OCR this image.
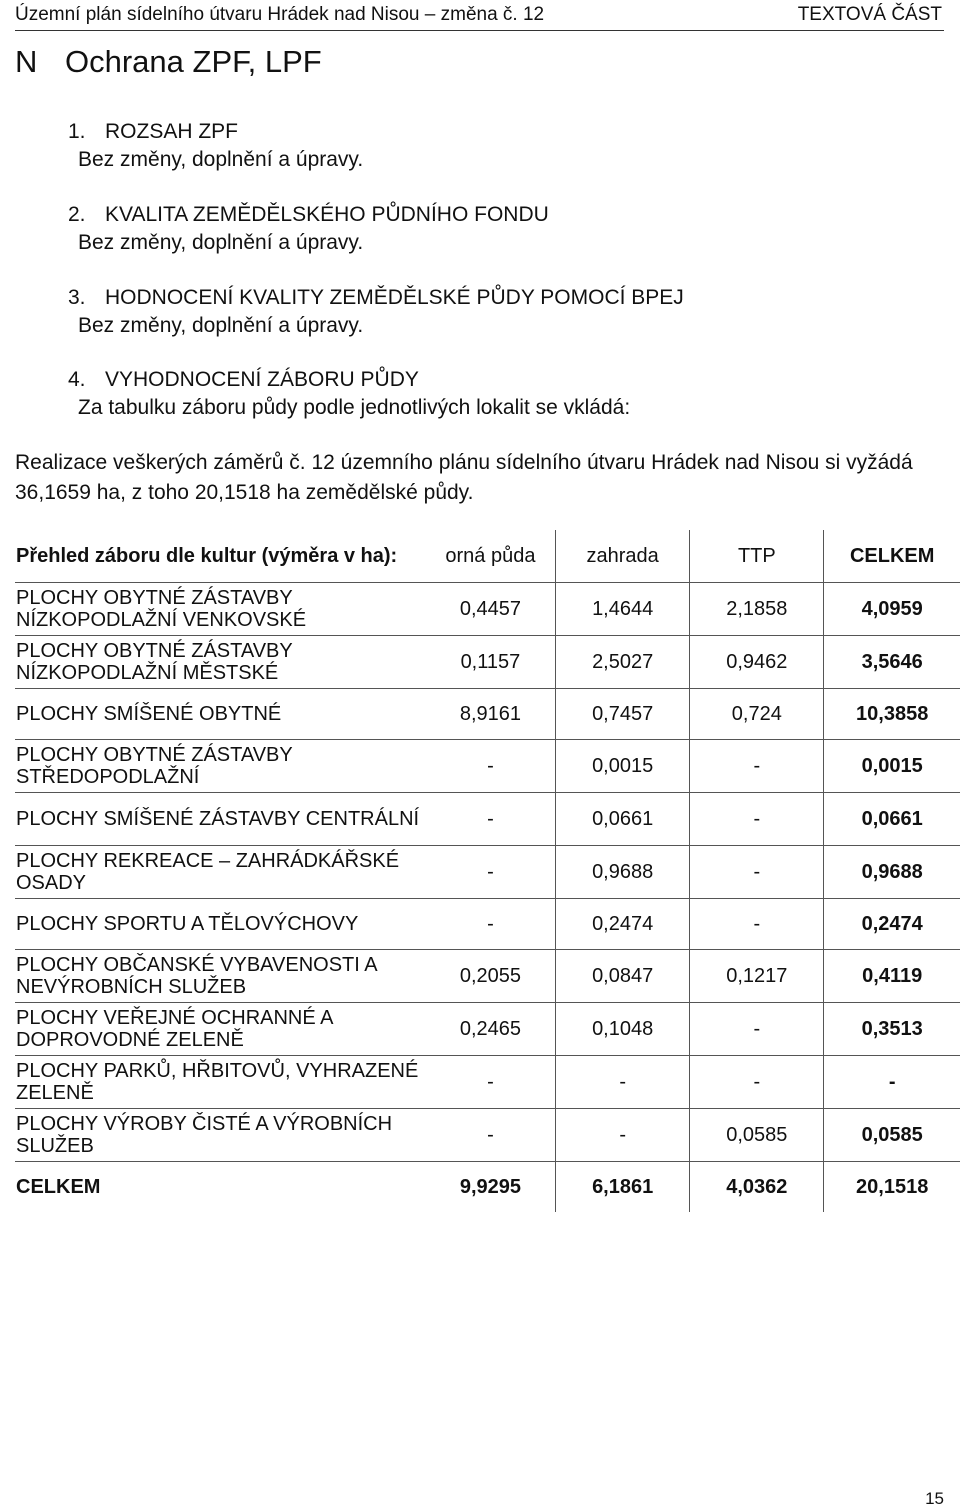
Územní plán sídelního útvaru Hrádek nad Nisou – změna č. 12	TEXTOVÁ ČÁST
N Ochrana ZPF, LPF
1. ROZSAH ZPF
Bez změny, doplnění a úpravy.
2. KVALITA ZEMĚDĚLSKÉHO PŮDNÍHO FONDU
Bez změny, doplnění a úpravy.
3. HODNOCENÍ KVALITY ZEMĚDĚLSKÉ PŮDY POMOCÍ BPEJ
Bez změny, doplnění a úpravy.
4. VYHODNOCENÍ ZÁBORU PŮDY
Za tabulku záboru půdy podle jednotlivých lokalit se vkládá:

Realizace veškerých záměrů č. 12 územního plánu sídelního útvaru Hrádek nad Nisou si vyžádá 36,1659 ha, z toho 20,1518 ha zemědělské půdy.

Přehled záboru dle kultur (výměra v ha):	orná půda	zahrada	TTP	CELKEM
PLOCHY OBYTNÉ ZÁSTAVBY NÍZKOPODLAŽNÍ VENKOVSKÉ	0,4457	1,4644	2,1858	4,0959
PLOCHY OBYTNÉ ZÁSTAVBY NÍZKOPODLAŽNÍ MĚSTSKÉ	0,1157	2,5027	0,9462	3,5646
PLOCHY SMÍŠENÉ OBYTNÉ	8,9161	0,7457	0,724	10,3858
PLOCHY OBYTNÉ ZÁSTAVBY STŘEDOPODLAŽNÍ	-	0,0015	-	0,0015
PLOCHY SMÍŠENÉ ZÁSTAVBY CENTRÁLNÍ	-	0,0661	-	0,0661
PLOCHY REKREACE – ZAHRÁDKÁŘSKÉ OSADY	-	0,9688	-	0,9688
PLOCHY SPORTU A TĚLOVÝCHOVY	-	0,2474	-	0,2474
PLOCHY OBČANSKÉ VYBAVENOSTI A NEVÝROBNÍCH SLUŽEB	0,2055	0,0847	0,1217	0,4119
PLOCHY VEŘEJNÉ OCHRANNÉ A DOPROVODNÉ ZELENĚ	0,2465	0,1048	-	0,3513
PLOCHY PARKŮ, HŘBITOVŮ, VYHRAZENÉ ZELENĚ	-	-	-	-
PLOCHY VÝROBY ČISTÉ A VÝROBNÍCH SLUŽEB	-	-	0,0585	0,0585
CELKEM	9,9295	6,1861	4,0362	20,1518
15
